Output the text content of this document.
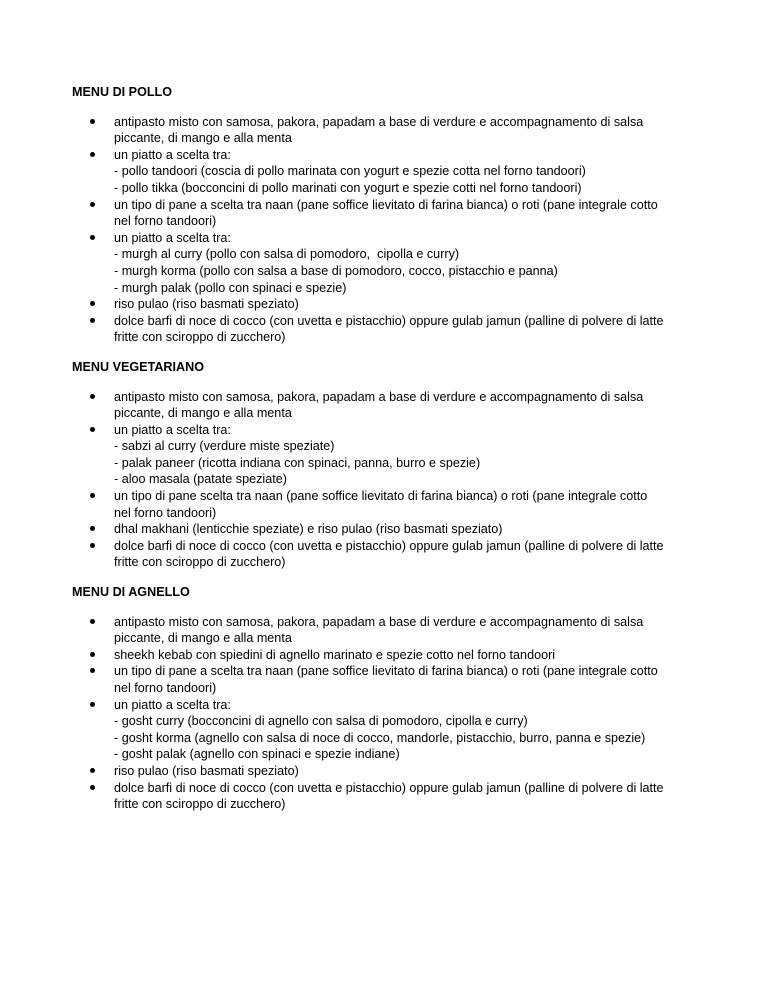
MENU DI POLLO

antipasto misto con samosa, pakora, papadam a base di verdure e accompagnamento di salsa
piccante, di mango e alla menta
un piatto a scelta tra:
- pollo tandoori (coscia di pollo marinata con yogurt e spezie cotta nel forno tandoori)
- pollo tikka (bocconcini di pollo marinati con yogurt e spezie cotti nel forno tandoori)
un tipo di pane a scelta tra naan (pane soffice lievitato di farina bianca) o roti (pane integrale cotto
nel forno tandoori)
un piatto a scelta tra:
- murgh al curry (pollo con salsa di pomodoro,  cipolla e curry)
- murgh korma (pollo con salsa a base di pomodoro, cocco, pistacchio e panna)
- murgh palak (pollo con spinaci e spezie)
riso pulao (riso basmati speziato)
dolce barfi di noce di cocco (con uvetta e pistacchio) oppure gulab jamun (palline di polvere di latte
fritte con sciroppo di zucchero)

MENU VEGETARIANO

antipasto misto con samosa, pakora, papadam a base di verdure e accompagnamento di salsa
piccante, di mango e alla menta
un piatto a scelta tra:
- sabzi al curry (verdure miste speziate)
- palak paneer (ricotta indiana con spinaci, panna, burro e spezie)
- aloo masala (patate speziate)
un tipo di pane scelta tra naan (pane soffice lievitato di farina bianca) o roti (pane integrale cotto
nel forno tandoori)
dhal makhani (lenticchie speziate) e riso pulao (riso basmati speziato)
dolce barfi di noce di cocco (con uvetta e pistacchio) oppure gulab jamun (palline di polvere di latte
fritte con sciroppo di zucchero)

MENU DI AGNELLO

antipasto misto con samosa, pakora, papadam a base di verdure e accompagnamento di salsa
piccante, di mango e alla menta
sheekh kebab con spiedini di agnello marinato e spezie cotto nel forno tandoori
un tipo di pane a scelta tra naan (pane soffice lievitato di farina bianca) o roti (pane integrale cotto
nel forno tandoori)
un piatto a scelta tra:
- gosht curry (bocconcini di agnello con salsa di pomodoro, cipolla e curry)
- gosht korma (agnello con salsa di noce di cocco, mandorle, pistacchio, burro, panna e spezie)
- gosht palak (agnello con spinaci e spezie indiane)
riso pulao (riso basmati speziato)
dolce barfi di noce di cocco (con uvetta e pistacchio) oppure gulab jamun (palline di polvere di latte
fritte con sciroppo di zucchero)
